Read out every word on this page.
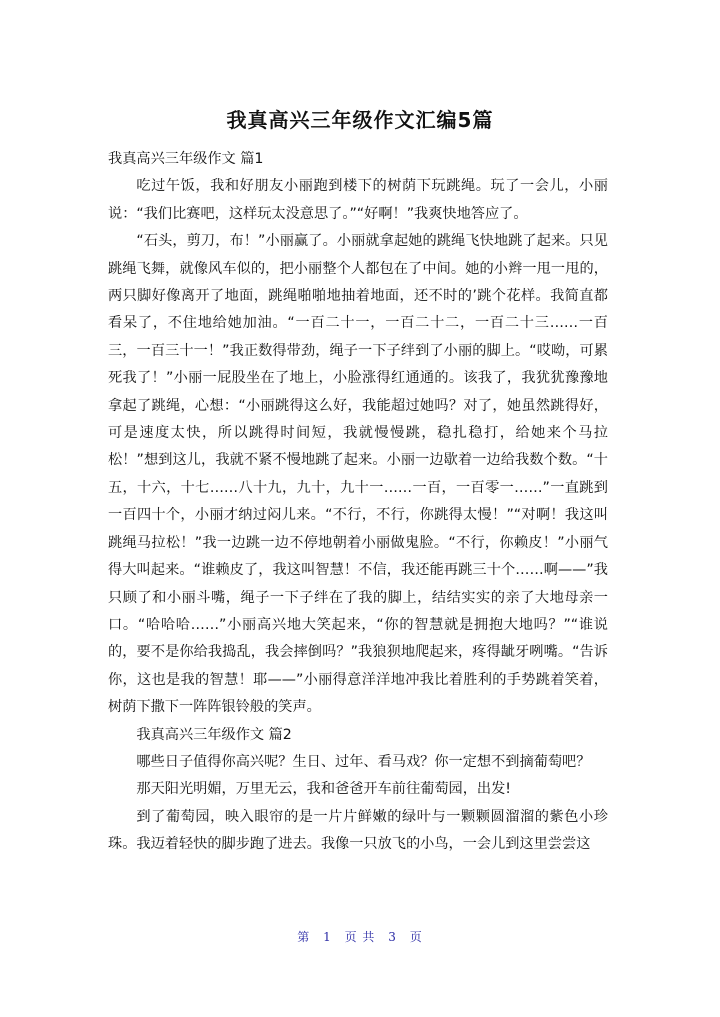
我真高兴三年级作文汇编5篇
我真高兴三年级作文 篇1

吃过午饭，我和好朋友小丽跑到楼下的树荫下玩跳绳。玩了一会儿，小丽说：“我们比赛吧，这样玩太没意思了。”“好啊！”我爽快地答应了。

“石头，剪刀，布！”小丽赢了。小丽就拿起她的跳绳飞快地跳了起来。只见跳绳飞舞，就像风车似的，把小丽整个人都包在了中间。她的小辫一甩一甩的，两只脚好像离开了地面，跳绳啪啪地抽着地面，还不时的’跳个花样。我简直都看呆了，不住地给她加油。“一百二十一，一百二十二，一百二十三……一百三，一百三十一！”我正数得带劲，绳子一下子绊到了小丽的脚上。“哎呦，可累死我了！”小丽一屁股坐在了地上，小脸涨得红通通的。该我了，我犹犹豫豫地拿起了跳绳，心想：“小丽跳得这么好，我能超过她吗？对了，她虽然跳得好，可是速度太快，所以跳得时间短，我就慢慢跳，稳扎稳打，给她来个马拉松！”想到这儿，我就不紧不慢地跳了起来。小丽一边歇着一边给我数个数。“十五，十六，十七……八十九，九十，九十一……一百，一百零一……”一直跳到一百四十个，小丽才纳过闷儿来。“不行，不行，你跳得太慢！”“对啊！我这叫跳绳马拉松！”我一边跳一边不停地朝着小丽做鬼脸。“不行，你赖皮！”小丽气得大叫起来。“谁赖皮了，我这叫智慧！不信，我还能再跳三十个……啊——”我只顾了和小丽斗嘴，绳子一下子绊在了我的脚上，结结实实的亲了大地母亲一口。“哈哈哈……”小丽高兴地大笑起来，“你的智慧就是拥抱大地吗？”“谁说的，要不是你给我捣乱，我会摔倒吗？”我狼狈地爬起来，疼得龇牙咧嘴。“告诉你，这也是我的智慧！耶——”小丽得意洋洋地冲我比着胜利的手势跳着笑着，树荫下撒下一阵阵银铃般的笑声。

我真高兴三年级作文 篇2

哪些日子值得你高兴呢？生日、过年、看马戏？你一定想不到摘葡萄吧？

那天阳光明媚，万里无云，我和爸爸开车前往葡萄园，出发!

到了葡萄园，映入眼帘的是一片片鲜嫩的绿叶与一颗颗圆溜溜的紫色小珍珠。我迈着轻快的脚步跑了进去。我像一只放飞的小鸟，一会儿到这里尝尝这

第 1 页 共 3 页
